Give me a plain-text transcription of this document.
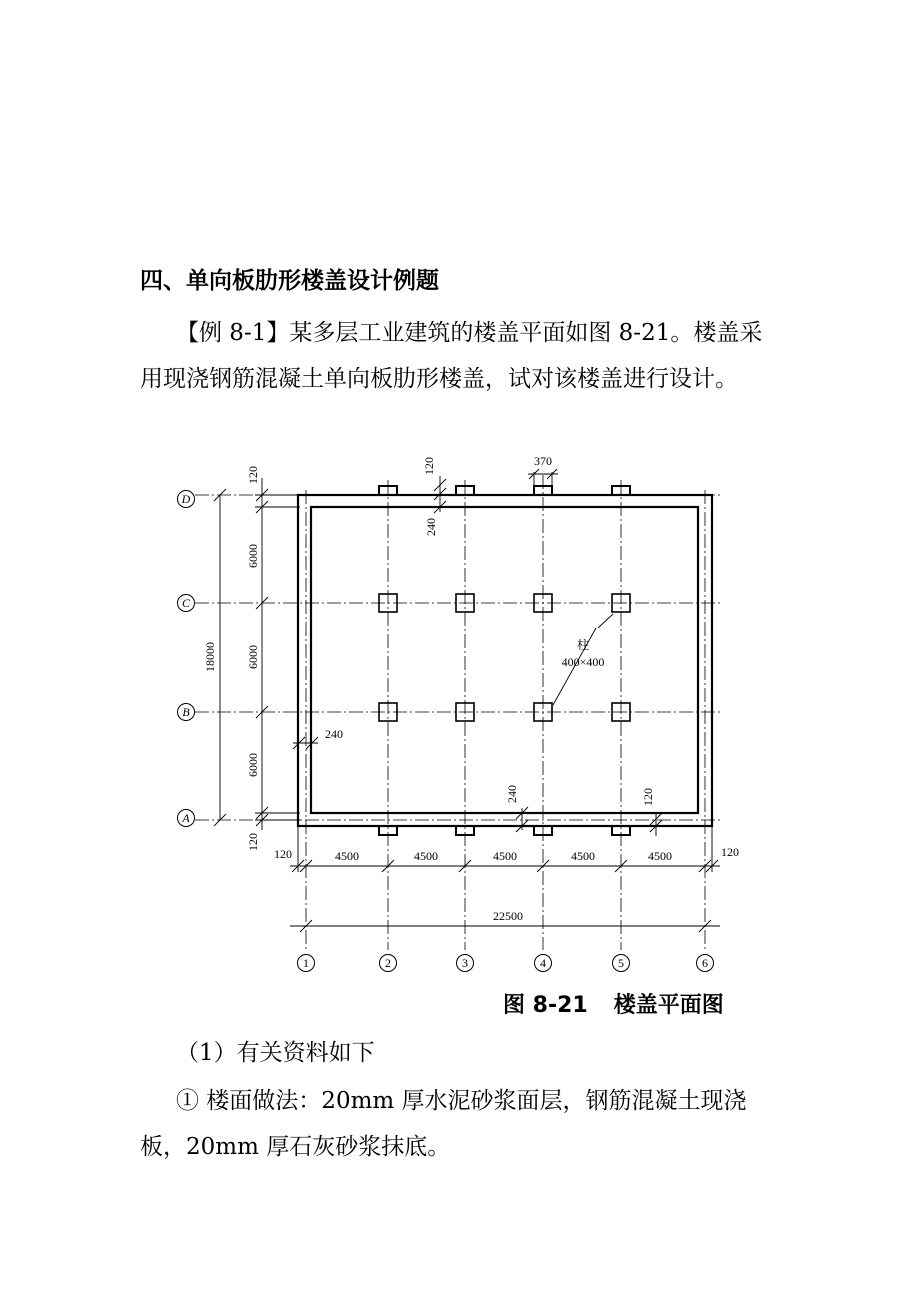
四、单向板肋形楼盖设计例题
【例 8-1】某多层工业建筑的楼盖平面如图 8-21。楼盖采
用现浇钢筋混凝土单向板肋形楼盖，试对该楼盖进行设计。
D
C
B
A
1	2	3	4	5	6
4500	4500	4500	4500	4500
22500
120	120
6000
6000
6000
18000
120
120
370
120
240
240
240	120
柱
400×400
图 8-21 楼盖平面图
（1）有关资料如下
① 楼面做法：20mm 厚水泥砂浆面层，钢筋混凝土现浇
板，20mm 厚石灰砂浆抹底。
